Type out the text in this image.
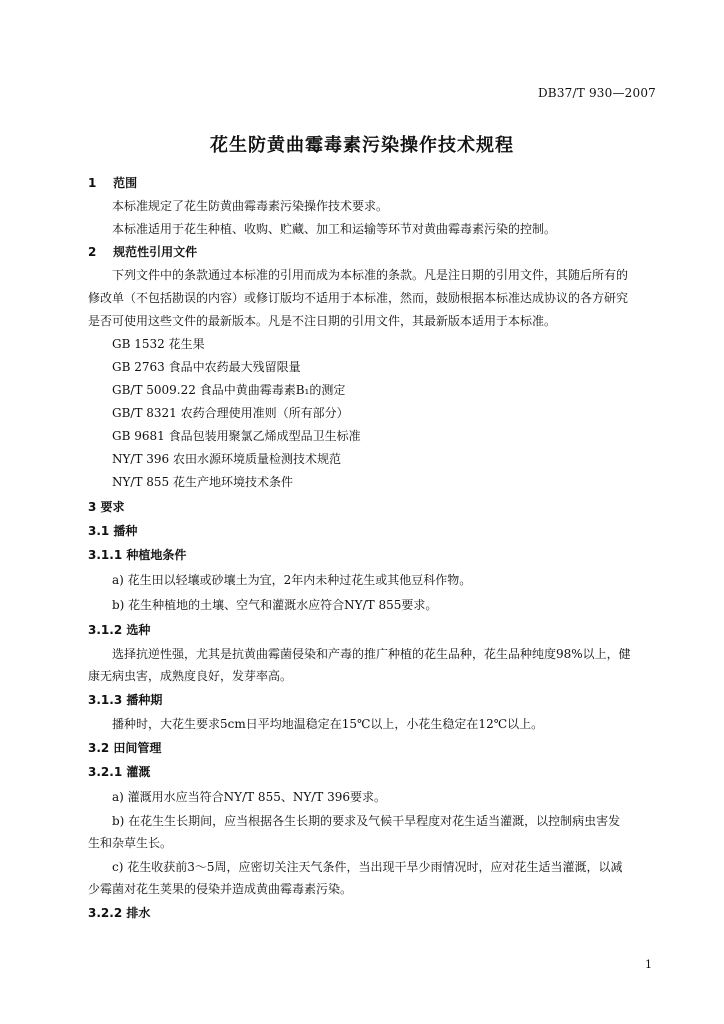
DB37/T 930—2007
花生防黄曲霉毒素污染操作技术规程
1 范围
本标准规定了花生防黄曲霉毒素污染操作技术要求。
本标准适用于花生种植、收购、贮藏、加工和运输等环节对黄曲霉毒素污染的控制。
2 规范性引用文件
下列文件中的条款通过本标准的引用而成为本标准的条款。凡是注日期的引用文件，其随后所有的
修改单（不包括勘误的内容）或修订版均不适用于本标准，然而，鼓励根据本标准达成协议的各方研究
是否可使用这些文件的最新版本。凡是不注日期的引用文件，其最新版本适用于本标准。
GB 1532 花生果
GB 2763 食品中农药最大残留限量
GB/T 5009.22 食品中黄曲霉毒素B₁的测定
GB/T 8321 农药合理使用准则（所有部分）
GB 9681 食品包装用聚氯乙烯成型品卫生标准
NY/T 396 农田水源环境质量检测技术规范
NY/T 855 花生产地环境技术条件
3 要求
3.1 播种
3.1.1 种植地条件
a) 花生田以轻壤或砂壤土为宜，2年内未种过花生或其他豆科作物。
b) 花生种植地的土壤、空气和灌溉水应符合NY/T 855要求。
3.1.2 选种
选择抗逆性强，尤其是抗黄曲霉菌侵染和产毒的推广种植的花生品种，花生品种纯度98%以上，健
康无病虫害，成熟度良好，发芽率高。
3.1.3 播种期
播种时，大花生要求5cm日平均地温稳定在15℃以上，小花生稳定在12℃以上。
3.2 田间管理
3.2.1 灌溉
a) 灌溉用水应当符合NY/T 855、NY/T 396要求。
b) 在花生生长期间，应当根据各生长期的要求及气候干旱程度对花生适当灌溉，以控制病虫害发
生和杂草生长。
c) 花生收获前3～5周，应密切关注天气条件，当出现干旱少雨情况时，应对花生适当灌溉，以减
少霉菌对花生荚果的侵染并造成黄曲霉毒素污染。
3.2.2 排水
1
